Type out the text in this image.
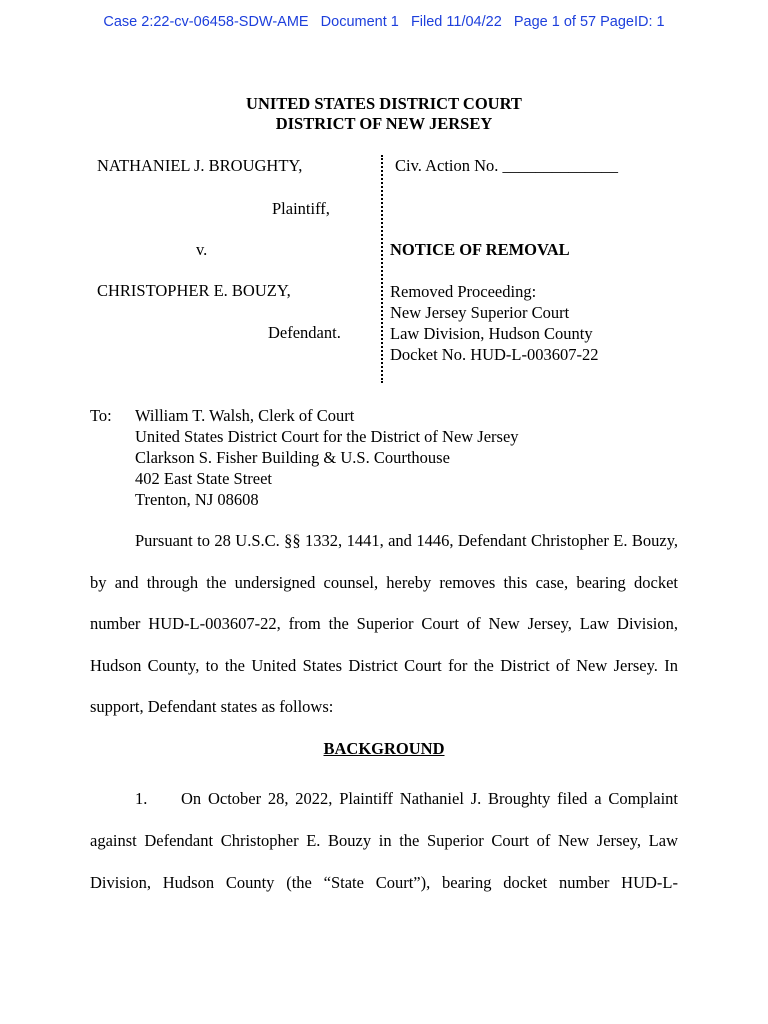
Case 2:22-cv-06458-SDW-AME   Document 1   Filed 11/04/22   Page 1 of 57 PageID: 1
UNITED STATES DISTRICT COURT
DISTRICT OF NEW JERSEY
NATHANIEL J. BROUGHTY,
Plaintiff,
v.
CHRISTOPHER E. BOUZY,
Defendant.
Civ. Action No. ______________
NOTICE OF REMOVAL
Removed Proceeding:
New Jersey Superior Court
Law Division, Hudson County
Docket No. HUD-L-003607-22
To: William T. Walsh, Clerk of Court
United States District Court for the District of New Jersey
Clarkson S. Fisher Building & U.S. Courthouse
402 East State Street
Trenton, NJ 08608
Pursuant to 28 U.S.C. §§ 1332, 1441, and 1446, Defendant Christopher E. Bouzy, by and through the undersigned counsel, hereby removes this case, bearing docket number HUD-L-003607-22, from the Superior Court of New Jersey, Law Division, Hudson County, to the United States District Court for the District of New Jersey. In support, Defendant states as follows:
BACKGROUND
1. On October 28, 2022, Plaintiff Nathaniel J. Broughty filed a Complaint against Defendant Christopher E. Bouzy in the Superior Court of New Jersey, Law Division, Hudson County (the “State Court”), bearing docket number HUD-L-
